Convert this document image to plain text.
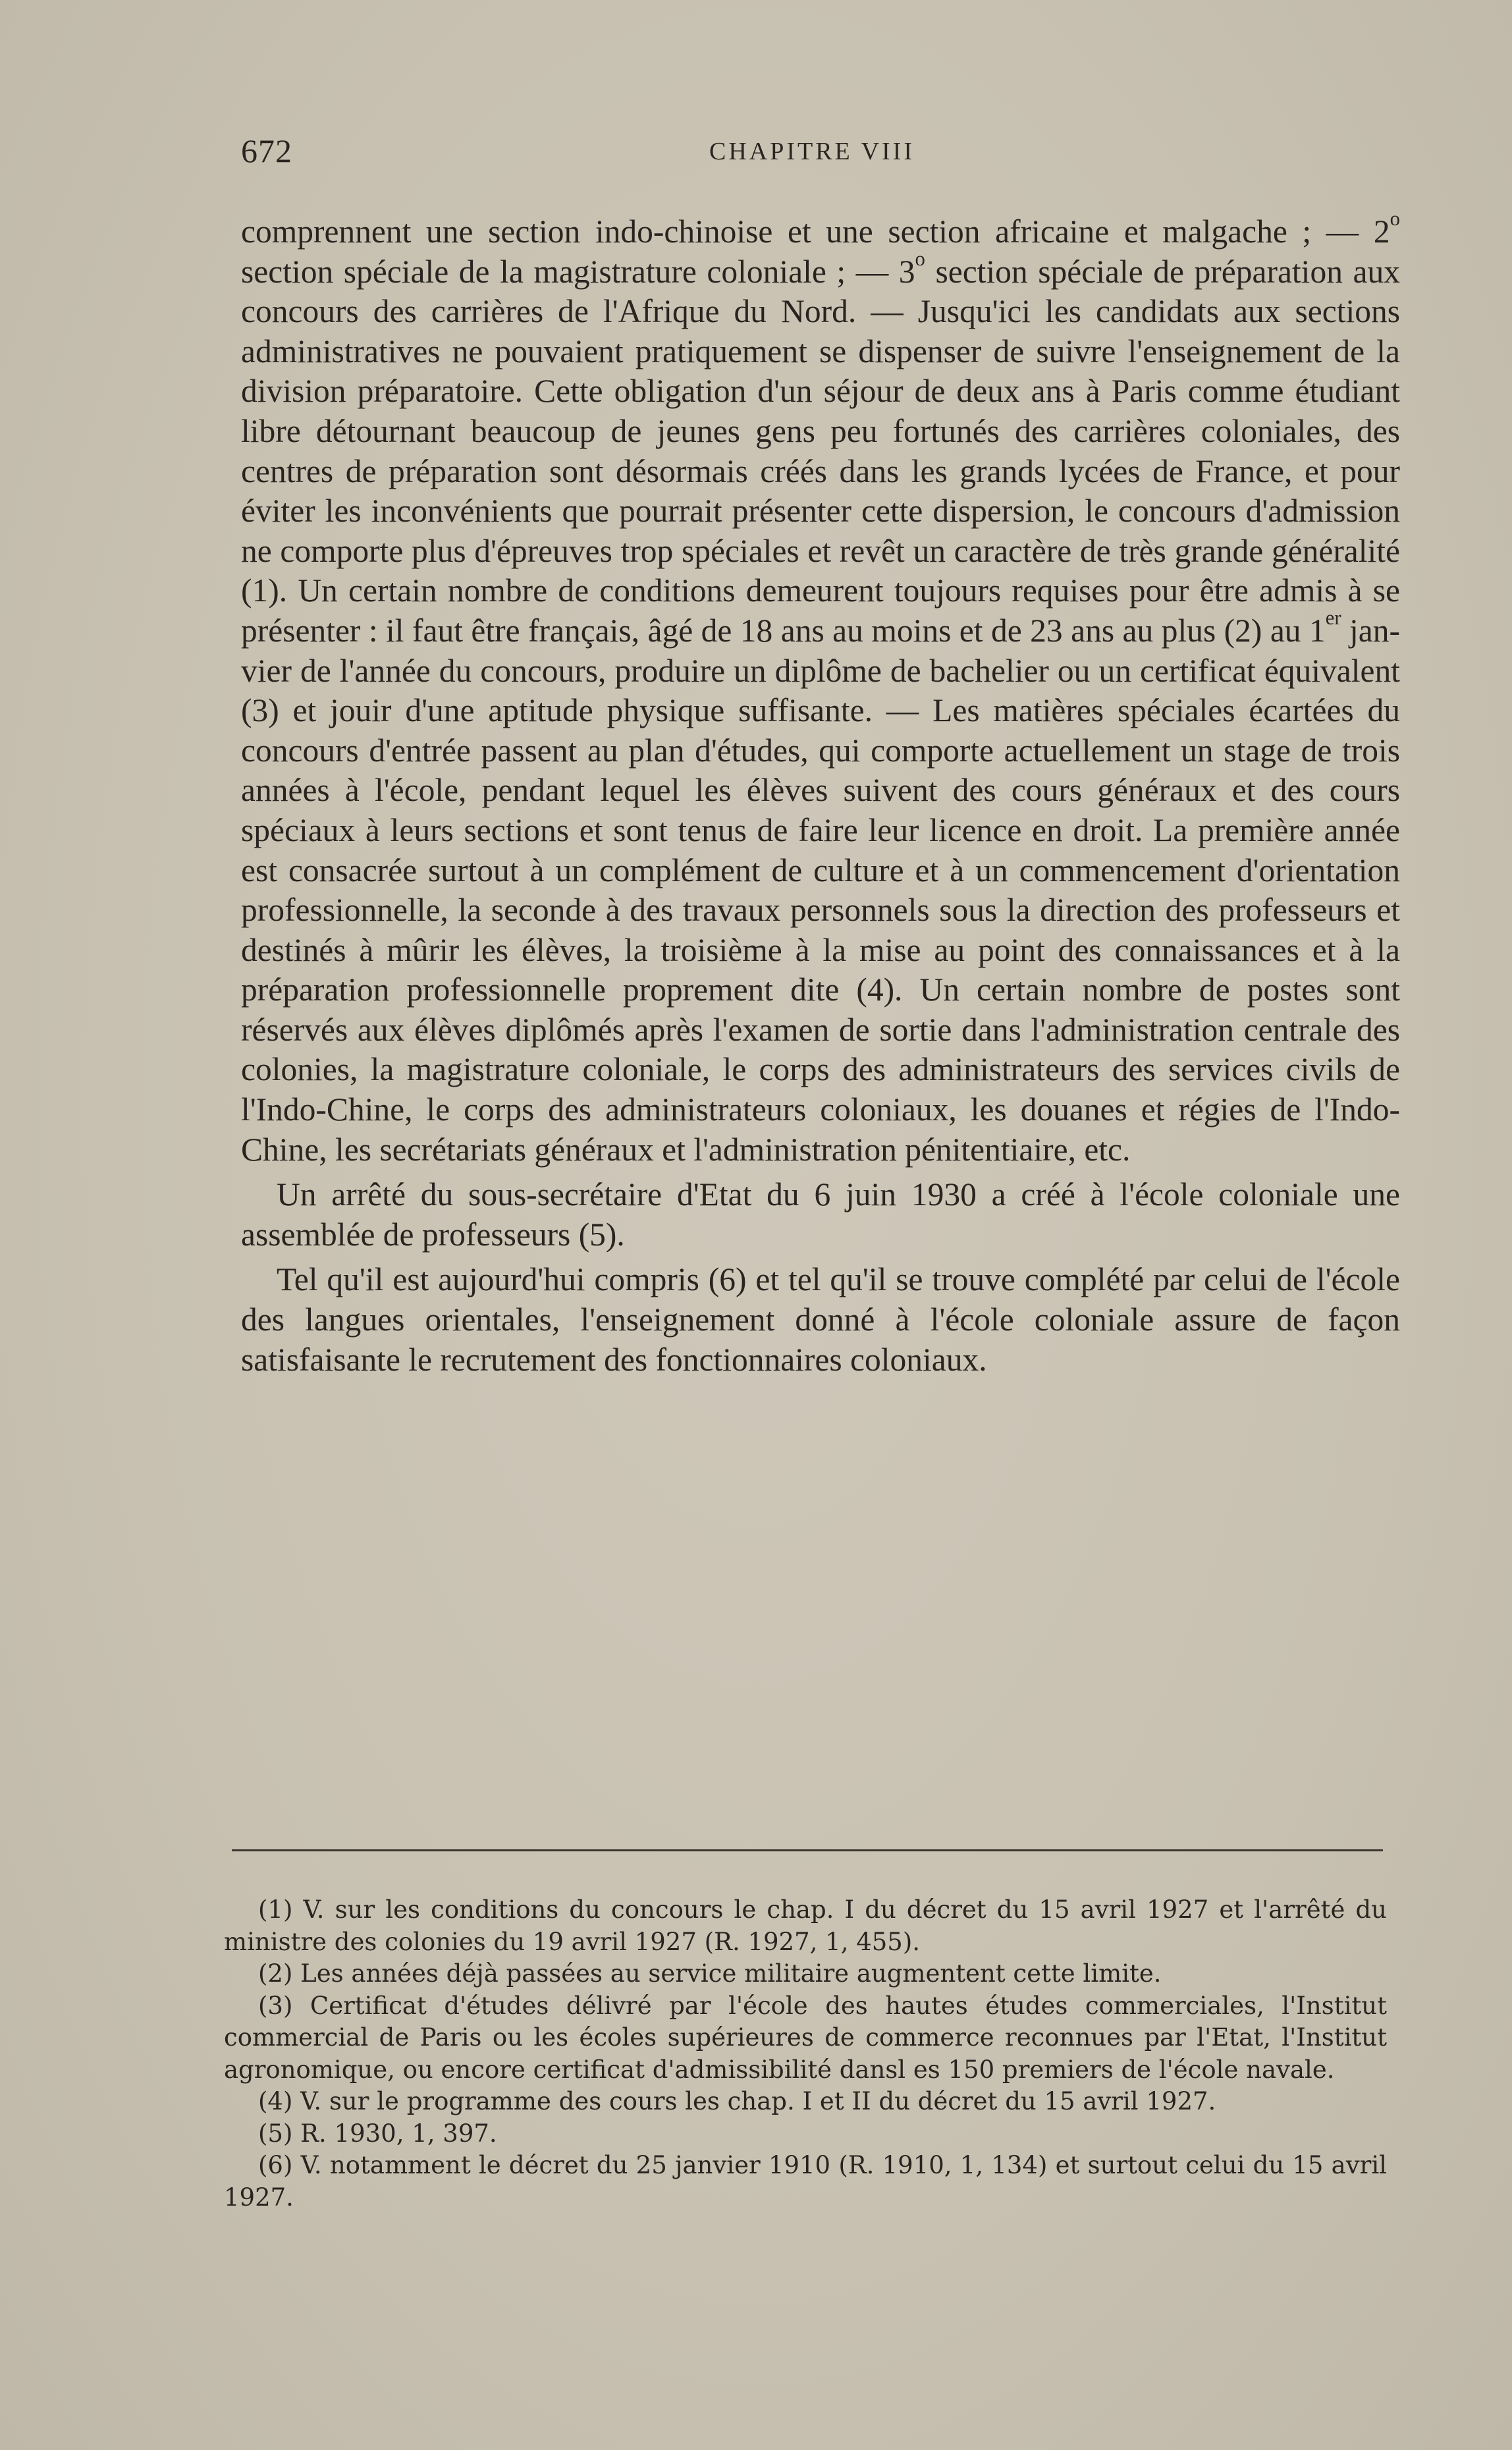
672	CHAPITRE VIII

comprennent une section indo-chinoise et une section africaine et malgache ; — 2$^o$ section spéciale de la magistrature coloniale ; — 3$^o$ section spéciale de préparation aux concours des carrières de l'Afrique du Nord. — Jusqu'ici les candidats aux sections administratives ne pouvaient pratiquement se dispenser de suivre l'enseignement de la division préparatoire. Cette obligation d'un séjour de deux ans à Paris comme étudiant libre détournant beaucoup de jeunes gens peu fortunés des carrières coloniales, des centres de préparation sont désormais créés dans les grands lycées de France, et pour éviter les inconvénients que pourrait présenter cette dispersion, le concours d'admission ne comporte plus d'épreuves trop spéciales et revêt un caractère de très grande généralité (1). Un certain nombre de conditions demeurent toujours requises pour être admis à se présenter : il faut être français, âgé de 18 ans au moins et de 23 ans au plus (2) au 1er janvier de l'année du concours, produire un diplôme de bachelier ou un certificat équivalent (3) et jouir d'une aptitude physique suffisante. — Les matières spéciales écartées du concours d'entrée passent au plan d'études, qui comporte actuellement un stage de trois années à l'école, pendant lequel les élèves suivent des cours généraux et des cours spéciaux à leurs sections et sont tenus de faire leur licence en droit. La première année est consacrée surtout à un complément de culture et à un commencement d'orientation professionnelle, la seconde à des travaux personnels sous la direction des professeurs et destinés à mûrir les élèves, la troisième à la mise au point des connaissances et à la préparation professionnelle proprement dite (4). Un certain nombre de postes sont réservés aux élèves diplômés après l'examen de sortie dans l'administration centrale des colonies, la magistrature coloniale, le corps des administrateurs des services civils de l'Indo-Chine, le corps des administrateurs coloniaux, les douanes et régies de l'Indo-Chine, les secrétariats généraux et l'administration pénitentiaire, etc.

Un arrêté du sous-secrétaire d'Etat du 6 juin 1930 a créé à l'école coloniale une assemblée de professeurs (5).

Tel qu'il est aujourd'hui compris (6) et tel qu'il se trouve complété par celui de l'école des langues orientales, l'enseignement donné à l'école coloniale assure de façon satisfaisante le recrutement des fonctionnaires coloniaux.

(1) V. sur les conditions du concours le chap. I du décret du 15 avril 1927 et l'arrêté du ministre des colonies du 19 avril 1927 (R. 1927, 1, 455).

(2) Les années déjà passées au service militaire augmentent cette limite.

(3) Certificat d'études délivré par l'école des hautes études commerciales, l'Institut commercial de Paris ou les écoles supérieures de commerce reconnues par l'Etat, l'Institut agronomique, ou encore certificat d'admissibilité dansl es 150 premiers de l'école navale.

(4) V. sur le programme des cours les chap. I et II du décret du 15 avril 1927.

(5) R. 1930, 1, 397.

(6) V. notamment le décret du 25 janvier 1910 (R. 1910, 1, 134) et surtout celui du 15 avril 1927.
